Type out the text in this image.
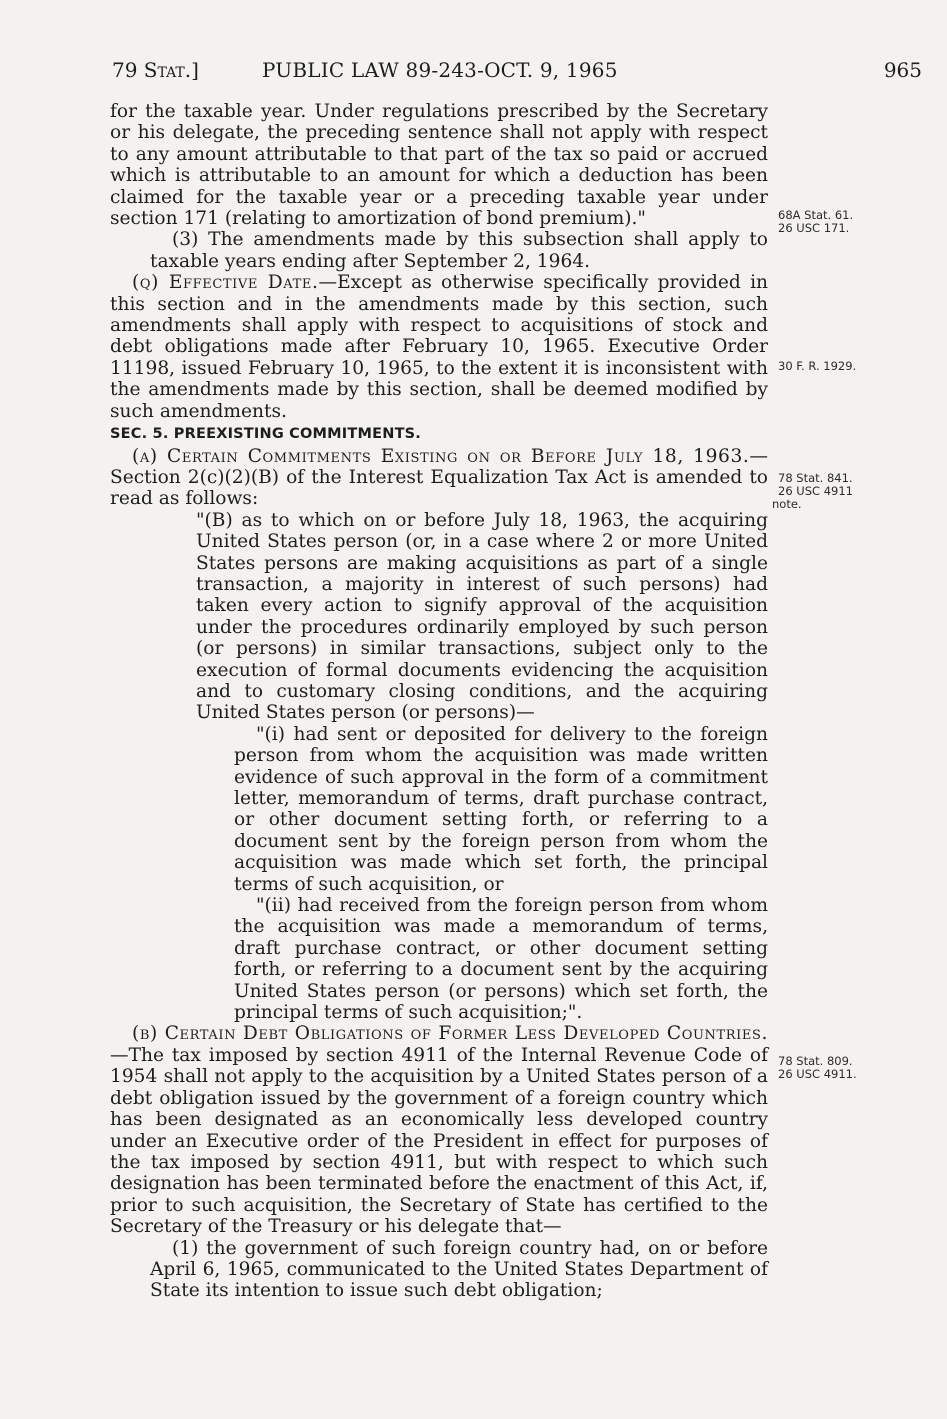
79 Stat.]	PUBLIC LAW 89-243-OCT. 9, 1965	965

for the taxable year. Under regulations prescribed by the Secretary or his delegate, the preceding sentence shall not apply with respect to any amount attributable to that part of the tax so paid or accrued which is attributable to an amount for which a deduction has been claimed for the taxable year or a preceding taxable year under section 171 (relating to amortization of bond premium)."

(3) The amendments made by this subsection shall apply to taxable years ending after September 2, 1964.

(q) Effective Date.—Except as otherwise specifically provided in this section and in the amendments made by this section, such amendments shall apply with respect to acquisitions of stock and debt obligations made after February 10, 1965. Executive Order 11198, issued February 10, 1965, to the extent it is inconsistent with the amendments made by this section, shall be deemed modified by such amendments.

SEC. 5. PREEXISTING COMMITMENTS.

(a) Certain Commitments Existing on or Before July 18, 1963.—Section 2(c)(2)(B) of the Interest Equalization Tax Act is amended to read as follows:

"(B) as to which on or before July 18, 1963, the acquiring United States person (or, in a case where 2 or more United States persons are making acquisitions as part of a single transaction, a majority in interest of such persons) had taken every action to signify approval of the acquisition under the procedures ordinarily employed by such person (or persons) in similar transactions, subject only to the execution of formal documents evidencing the acquisition and to customary closing conditions, and the acquiring United States person (or persons)—

"(i) had sent or deposited for delivery to the foreign person from whom the acquisition was made written evidence of such approval in the form of a commitment letter, memorandum of terms, draft purchase contract, or other document setting forth, or referring to a document sent by the foreign person from whom the acquisition was made which set forth, the principal terms of such acquisition, or

"(ii) had received from the foreign person from whom the acquisition was made a memorandum of terms, draft purchase contract, or other document setting forth, or referring to a document sent by the acquiring United States person (or persons) which set forth, the principal terms of such acquisition;".

(b) Certain Debt Obligations of Former Less Developed Countries.—The tax imposed by section 4911 of the Internal Revenue Code of 1954 shall not apply to the acquisition by a United States person of a debt obligation issued by the government of a foreign country which has been designated as an economically less developed country under an Executive order of the President in effect for purposes of the tax imposed by section 4911, but with respect to which such designation has been terminated before the enactment of this Act, if, prior to such acquisition, the Secretary of State has certified to the Secretary of the Treasury or his delegate that—

(1) the government of such foreign country had, on or before April 6, 1965, communicated to the United States Department of State its intention to issue such debt obligation;

68A Stat. 61.
26 USC 171.
30 F. R. 1929.
78 Stat. 841.
26 USC 4911
note.
78 Stat. 809.
26 USC 4911.
